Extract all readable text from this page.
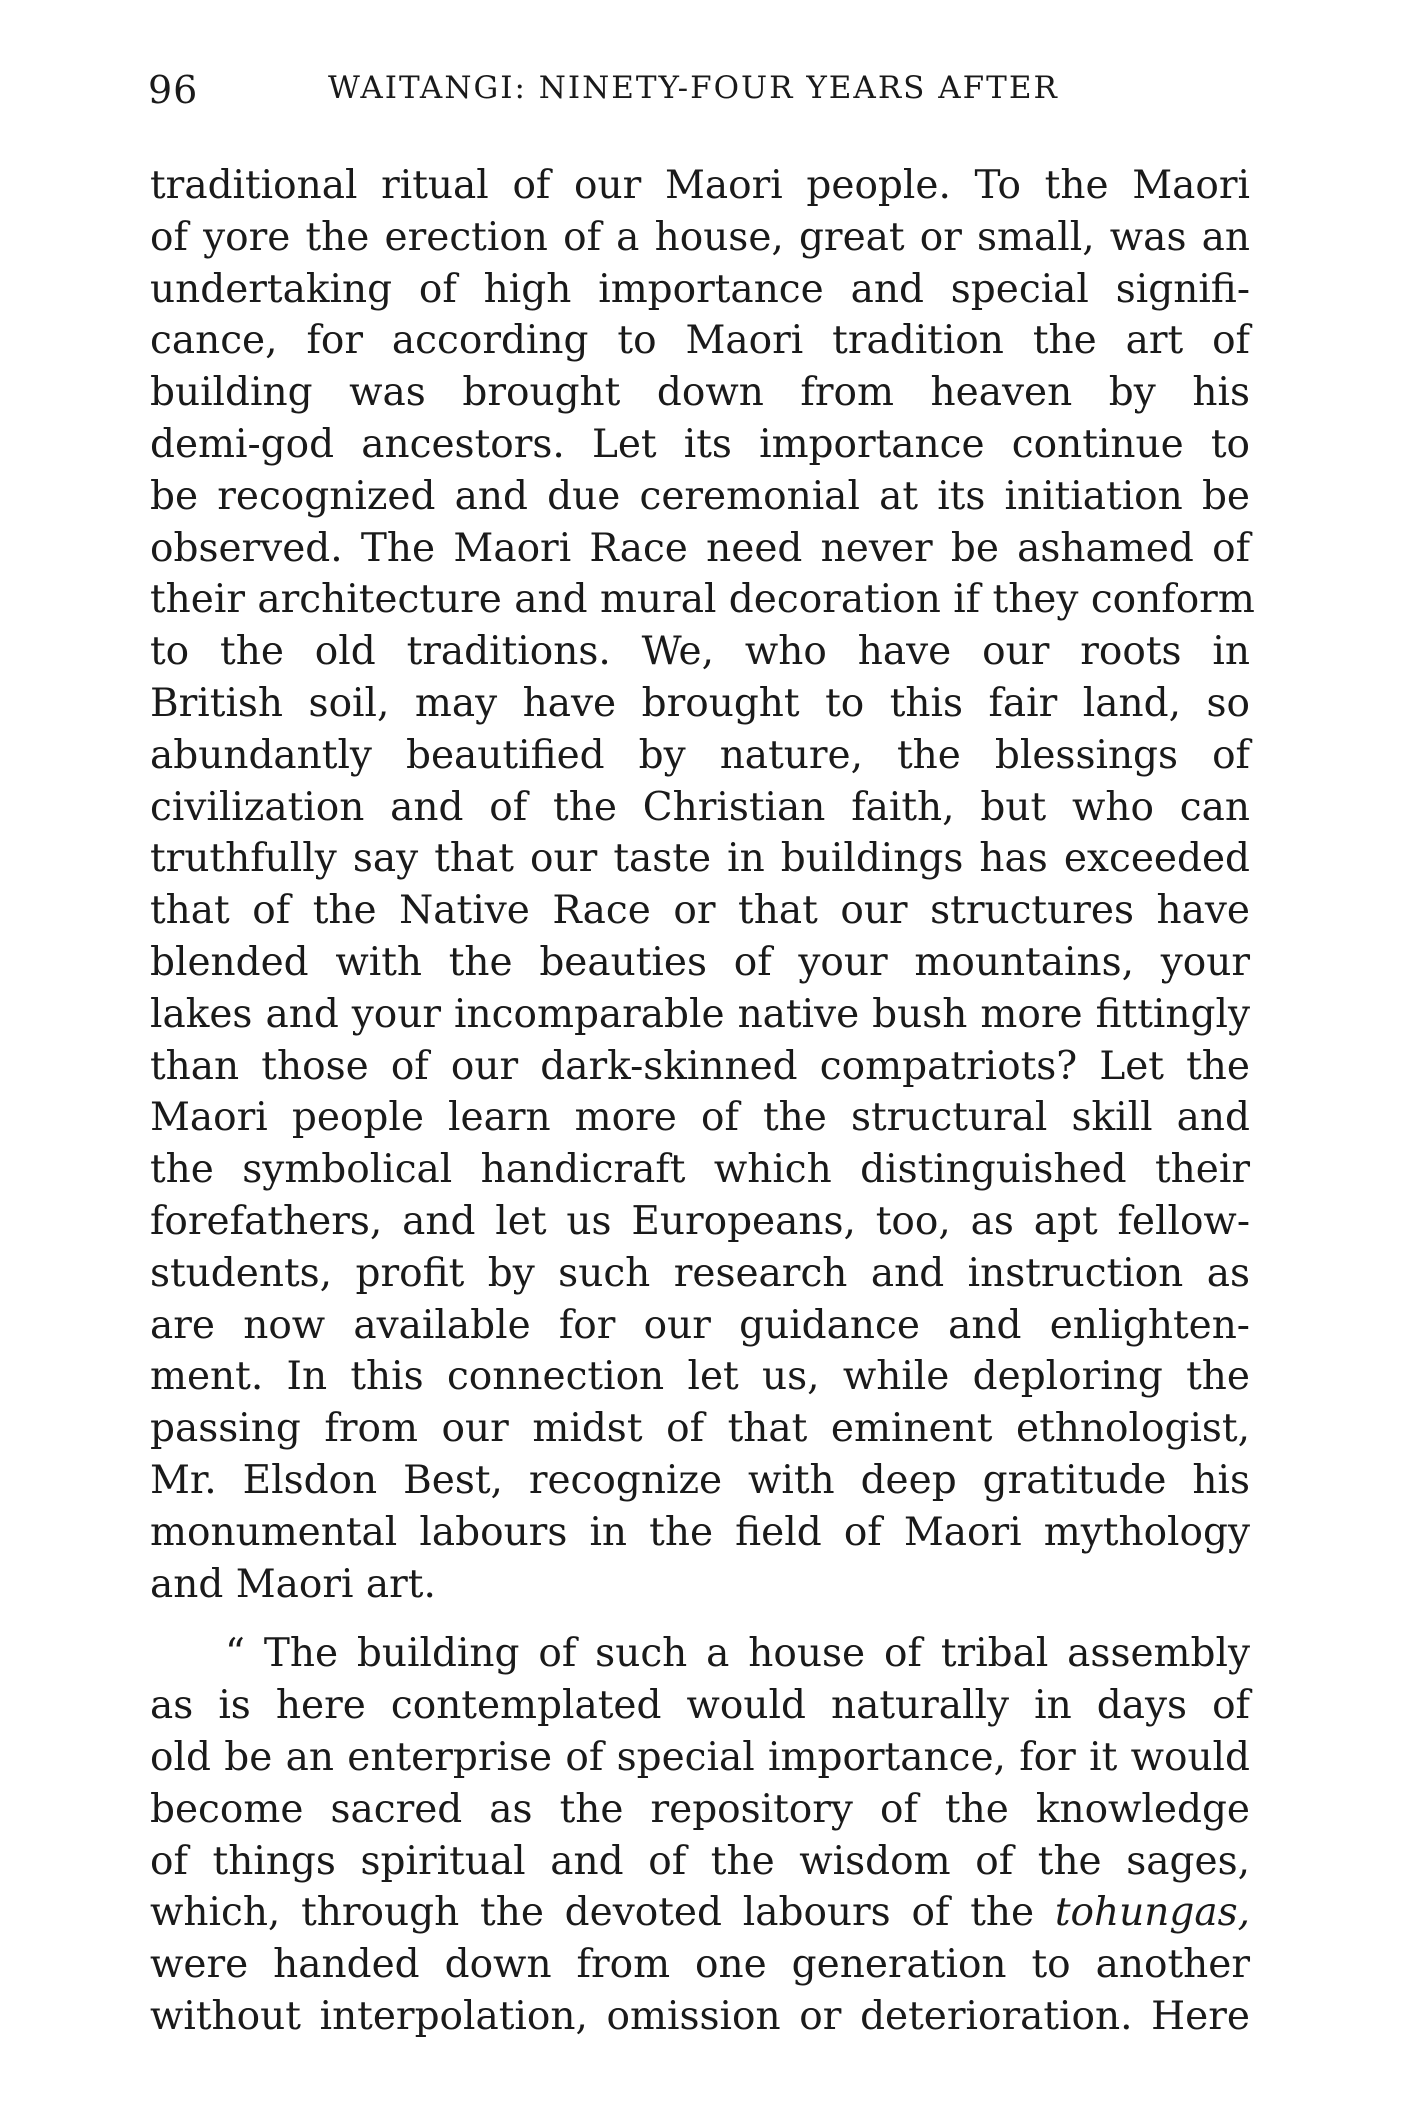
96	WAITANGI: NINETY-FOUR YEARS AFTER
traditional ritual of our Maori people. To the Maori
of yore the erection of a house, great or small, was an
undertaking of high importance and special signifi-
cance, for according to Maori tradition the art of
building was brought down from heaven by his
demi-god ancestors. Let its importance continue to
be recognized and due ceremonial at its initiation be
observed. The Maori Race need never be ashamed of
their architecture and mural decoration if they conform
to the old traditions. We, who have our roots in
British soil, may have brought to this fair land, so
abundantly beautified by nature, the blessings of
civilization and of the Christian faith, but who can
truthfully say that our taste in buildings has exceeded
that of the Native Race or that our structures have
blended with the beauties of your mountains, your
lakes and your incomparable native bush more fittingly
than those of our dark-skinned compatriots? Let the
Maori people learn more of the structural skill and
the symbolical handicraft which distinguished their
forefathers, and let us Europeans, too, as apt fellow-
students, profit by such research and instruction as
are now available for our guidance and enlighten-
ment. In this connection let us, while deploring the
passing from our midst of that eminent ethnologist,
Mr. Elsdon Best, recognize with deep gratitude his
monumental labours in the field of Maori mythology
and Maori art.
“ The building of such a house of tribal assembly
as is here contemplated would naturally in days of
old be an enterprise of special importance, for it would
become sacred as the repository of the knowledge
of things spiritual and of the wisdom of the sages,
which, through the devoted labours of the tohungas,
were handed down from one generation to another
without interpolation, omission or deterioration. Here
